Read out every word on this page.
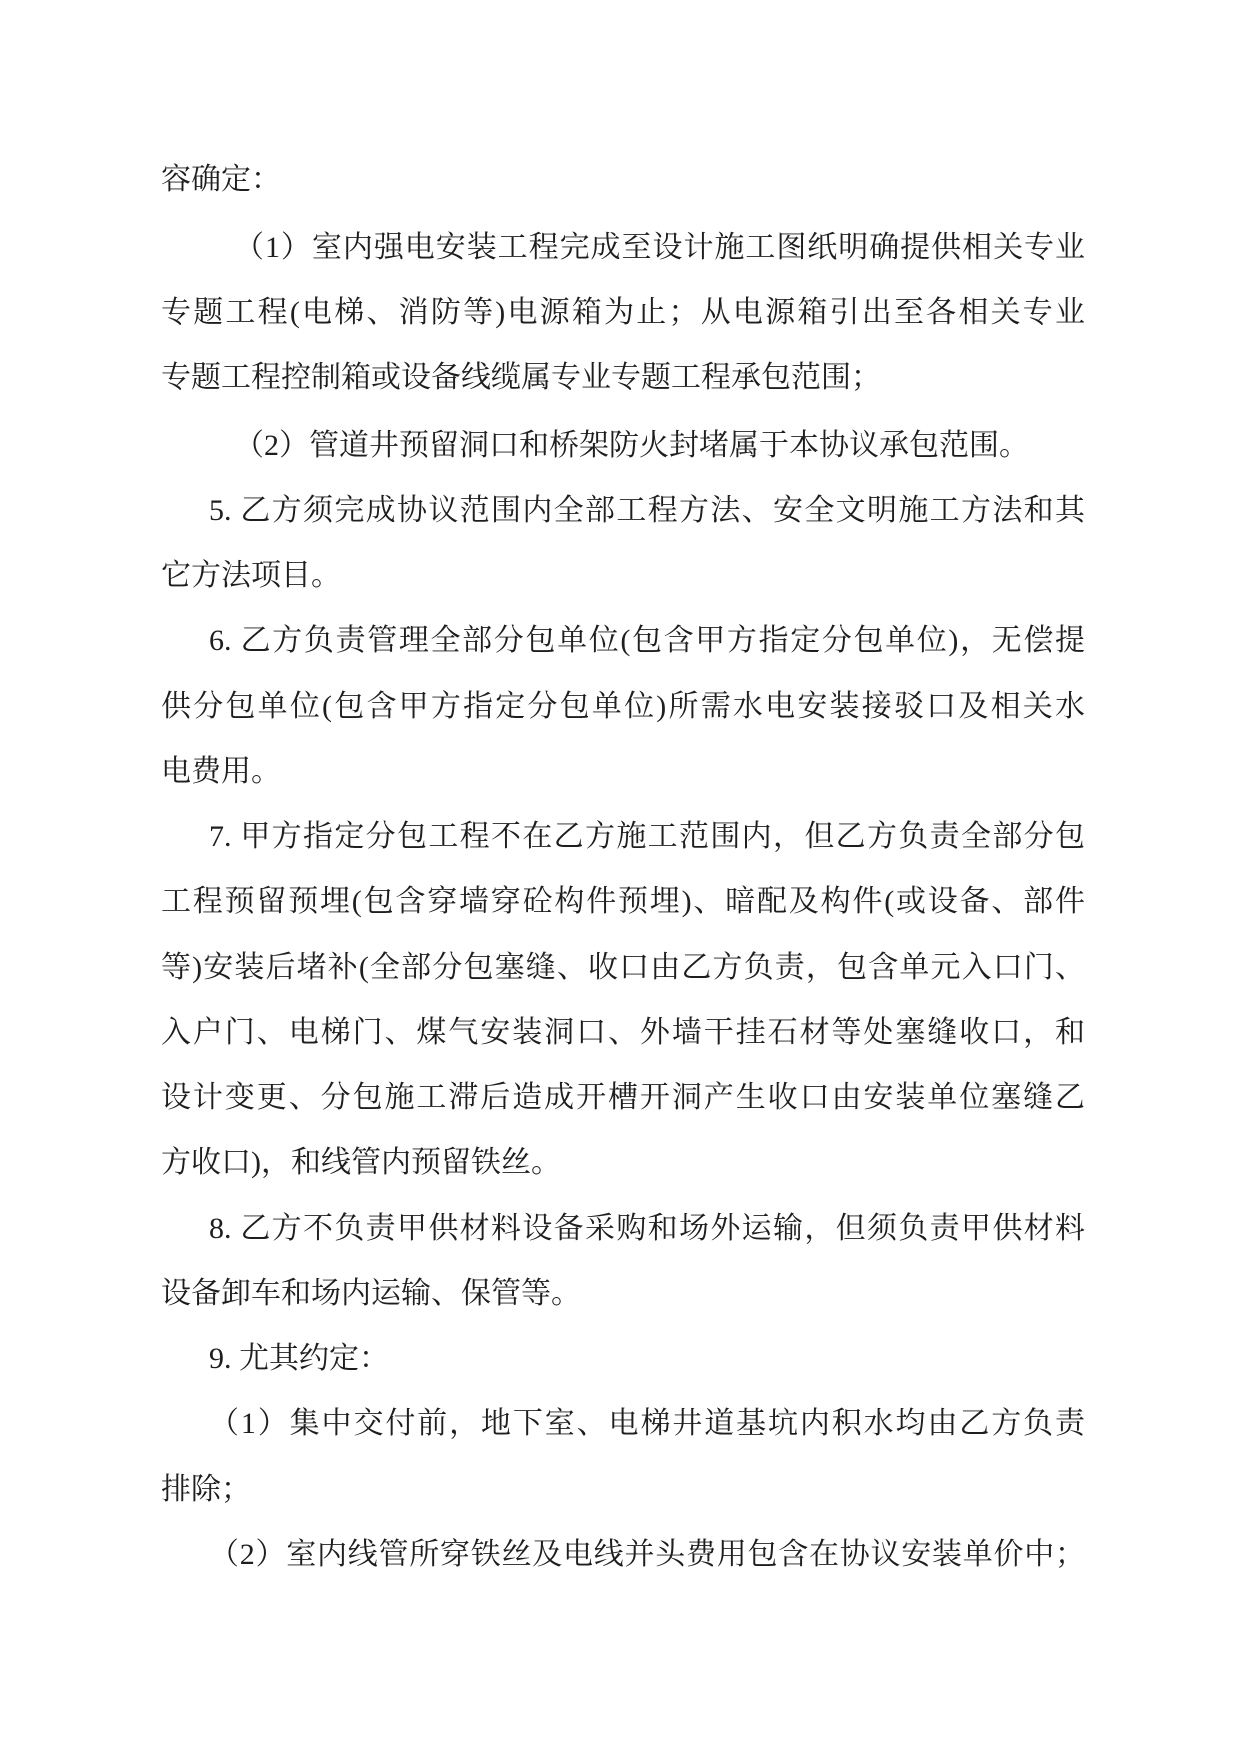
容确定：
（1）室内强电安装工程完成至设计施工图纸明确提供相关专业
专题工程(电梯、消防等)电源箱为止；从电源箱引出至各相关专业
专题工程控制箱或设备线缆属专业专题工程承包范围；
（2）管道井预留洞口和桥架防火封堵属于本协议承包范围。
5. 乙方须完成协议范围内全部工程方法、安全文明施工方法和其
它方法项目。
6. 乙方负责管理全部分包单位(包含甲方指定分包单位)，无偿提
供分包单位(包含甲方指定分包单位)所需水电安装接驳口及相关水
电费用。
7. 甲方指定分包工程不在乙方施工范围内，但乙方负责全部分包
工程预留预埋(包含穿墙穿砼构件预埋)、暗配及构件(或设备、部件
等)安装后堵补(全部分包塞缝、收口由乙方负责，包含单元入口门、
入户门、电梯门、煤气安装洞口、外墙干挂石材等处塞缝收口，和
设计变更、分包施工滞后造成开槽开洞产生收口由安装单位塞缝乙
方收口)，和线管内预留铁丝。
8. 乙方不负责甲供材料设备采购和场外运输，但须负责甲供材料
设备卸车和场内运输、保管等。
9. 尤其约定：
（1）集中交付前，地下室、电梯井道基坑内积水均由乙方负责
排除；
（2）室内线管所穿铁丝及电线并头费用包含在协议安装单价中；
